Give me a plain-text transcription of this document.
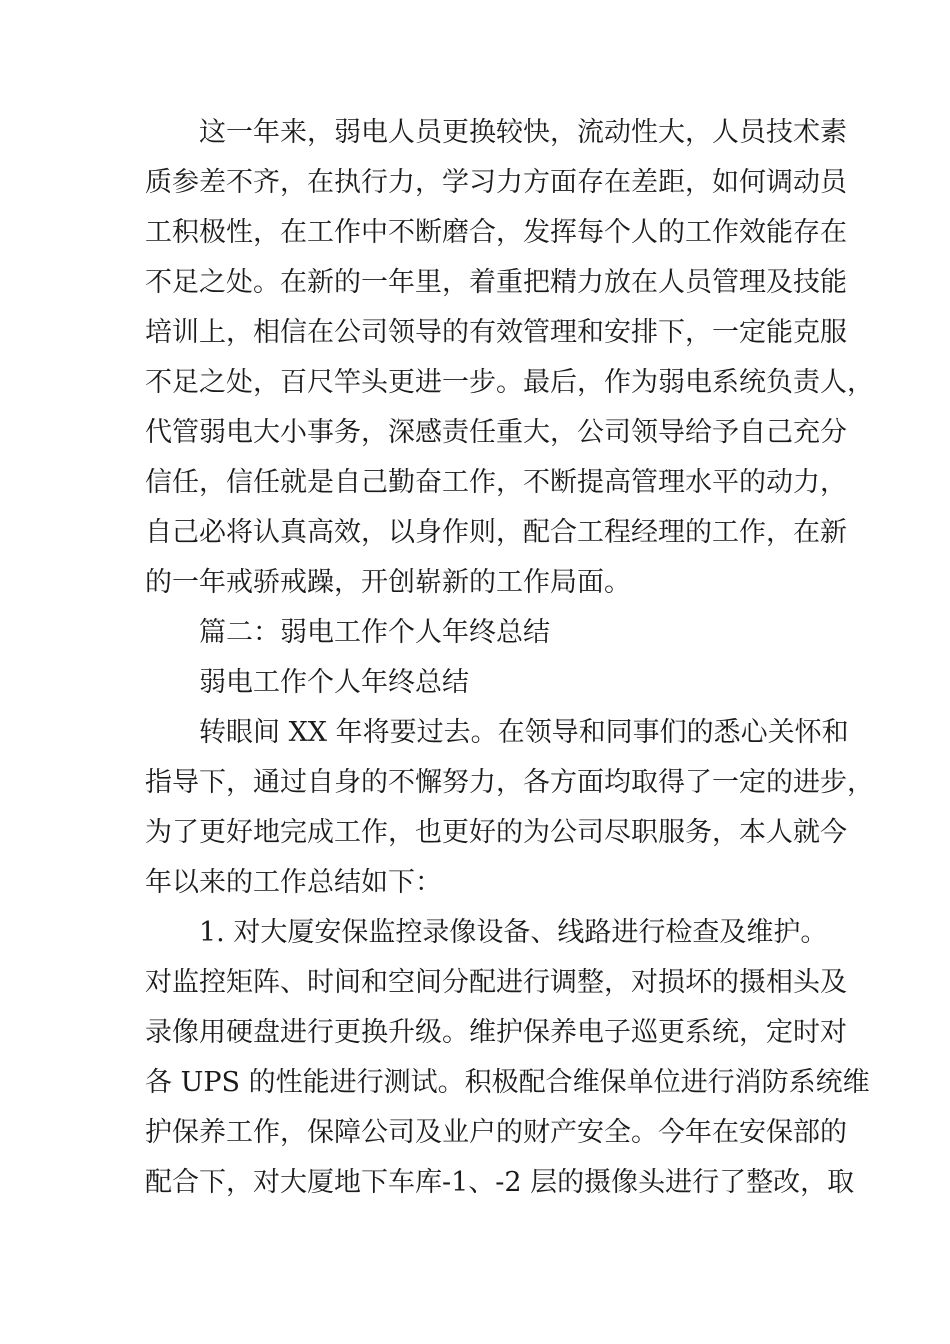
这一年来，弱电人员更换较快，流动性大，人员技术素
质参差不齐，在执行力，学习力方面存在差距，如何调动员
工积极性，在工作中不断磨合，发挥每个人的工作效能存在
不足之处。在新的一年里，着重把精力放在人员管理及技能
培训上，相信在公司领导的有效管理和安排下，一定能克服
不足之处，百尺竿头更进一步。最后，作为弱电系统负责人，
代管弱电大小事务，深感责任重大，公司领导给予自己充分
信任，信任就是自己勤奋工作，不断提高管理水平的动力，
自己必将认真高效，以身作则，配合工程经理的工作，在新
的一年戒骄戒躁，开创崭新的工作局面。
篇二：弱电工作个人年终总结
弱电工作个人年终总结
转眼间 XX 年将要过去。在领导和同事们的悉心关怀和
指导下，通过自身的不懈努力，各方面均取得了一定的进步，
为了更好地完成工作，也更好的为公司尽职服务，本人就今
年以来的工作总结如下：
1. 对大厦安保监控录像设备、线路进行检查及维护。
对监控矩阵、时间和空间分配进行调整，对损坏的摄相头及
录像用硬盘进行更换升级。维护保养电子巡更系统，定时对
各 UPS 的性能进行测试。积极配合维保单位进行消防系统维
护保养工作，保障公司及业户的财产安全。今年在安保部的
配合下，对大厦地下车库-1、-2 层的摄像头进行了整改，取
